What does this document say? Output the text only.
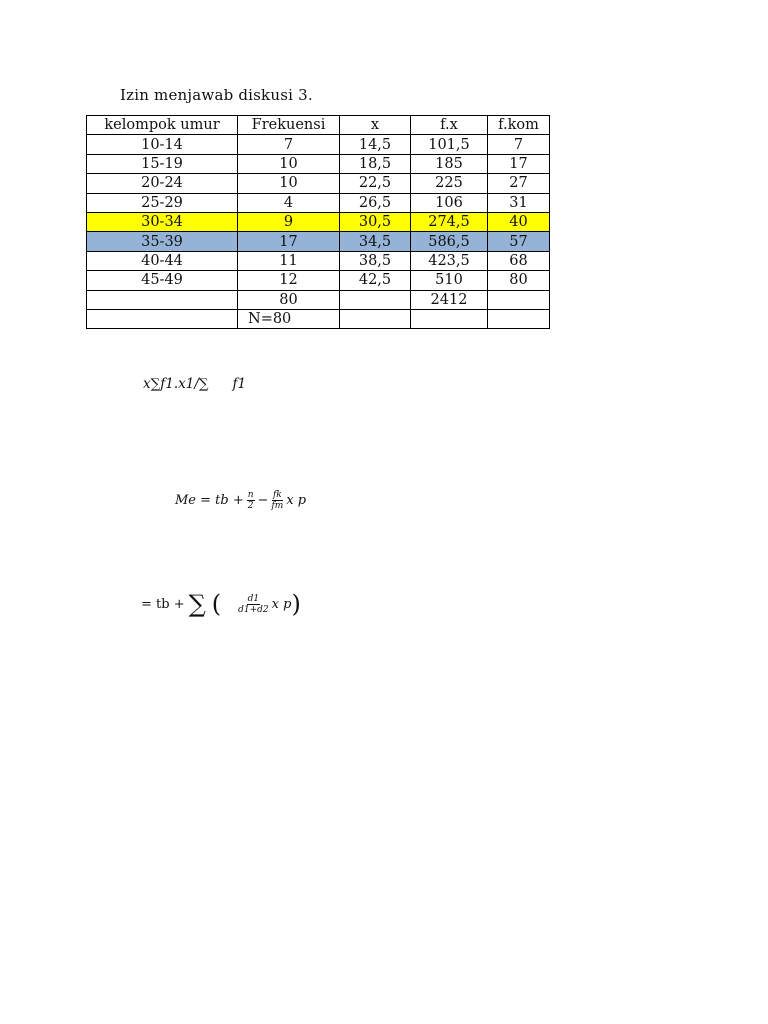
Izin menjawab diskusi 3.
kelompok umur	Frekuensi	x	f.x	f.kom
10-14	7	14,5	101,5	7
15-19	10	18,5	185	17
20-24	10	22,5	225	27
25-29	4	26,5	106	31
30-34	9	30,5	274,5	40
35-39	17	34,5	586,5	57
40-44	11	38,5	423,5	68
45-49	12	42,5	510	80
	80		2412	
	N=80			
x∑𝑓1.𝑥1/∑ 𝑓1
𝑀𝑒 = 𝑡𝑏 + $\frac{\text{𝑛}}{2} - \frac{\text{𝑓𝑘}}{\text{𝑓𝑚}}$ 𝑥 𝑝
= tb + ∑ ( $\frac{\text{𝑑1}}{\text{𝑑1+𝑑2}}$ 𝑥 𝑝 )
